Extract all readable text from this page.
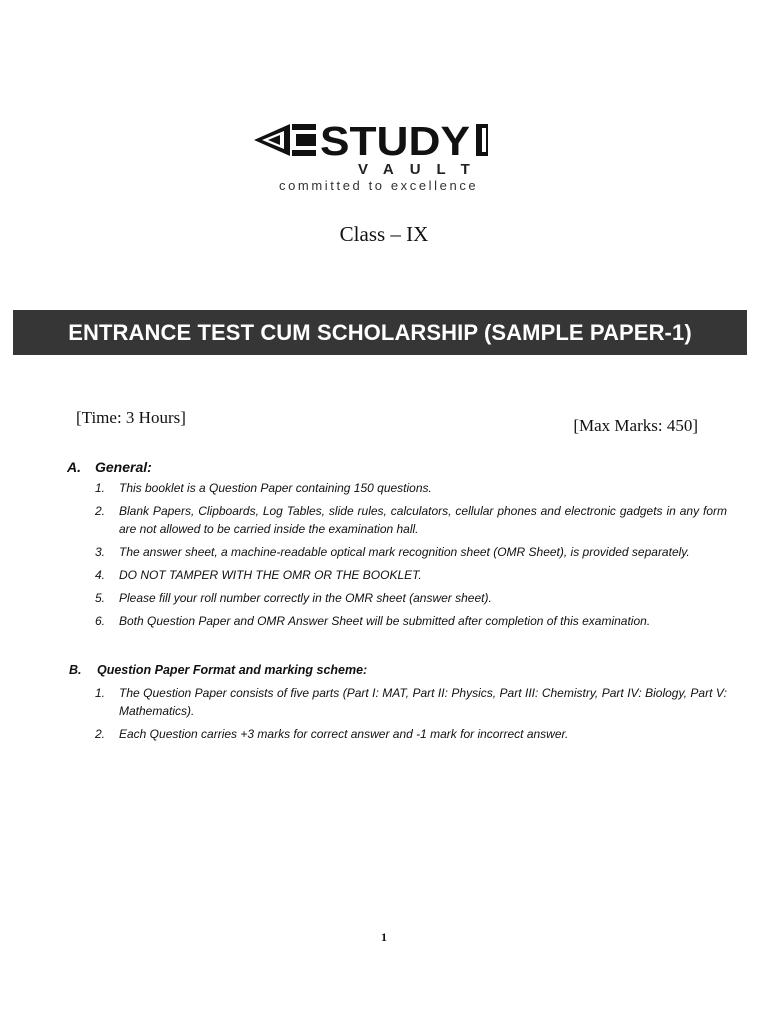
STUDY
VAULT
committed to excellence
Class – IX
ENTRANCE TEST CUM SCHOLARSHIP (SAMPLE PAPER-1)
[Time: 3 Hours]	[Max Marks: 450]
A. General:
1. This booklet is a Question Paper containing 150 questions.
2. Blank Papers, Clipboards, Log Tables, slide rules, calculators, cellular phones and electronic gadgets in any form are not allowed to be carried inside the examination hall.
3. The answer sheet, a machine-readable optical mark recognition sheet (OMR Sheet), is provided separately.
4. DO NOT TAMPER WITH THE OMR OR THE BOOKLET.
5. Please fill your roll number correctly in the OMR sheet (answer sheet).
6. Both Question Paper and OMR Answer Sheet will be submitted after completion of this examination.
B. Question Paper Format and marking scheme:
1. The Question Paper consists of five parts (Part I: MAT, Part II: Physics, Part III: Chemistry, Part IV: Biology, Part V: Mathematics).
2. Each Question carries +3 marks for correct answer and -1 mark for incorrect answer.
1
